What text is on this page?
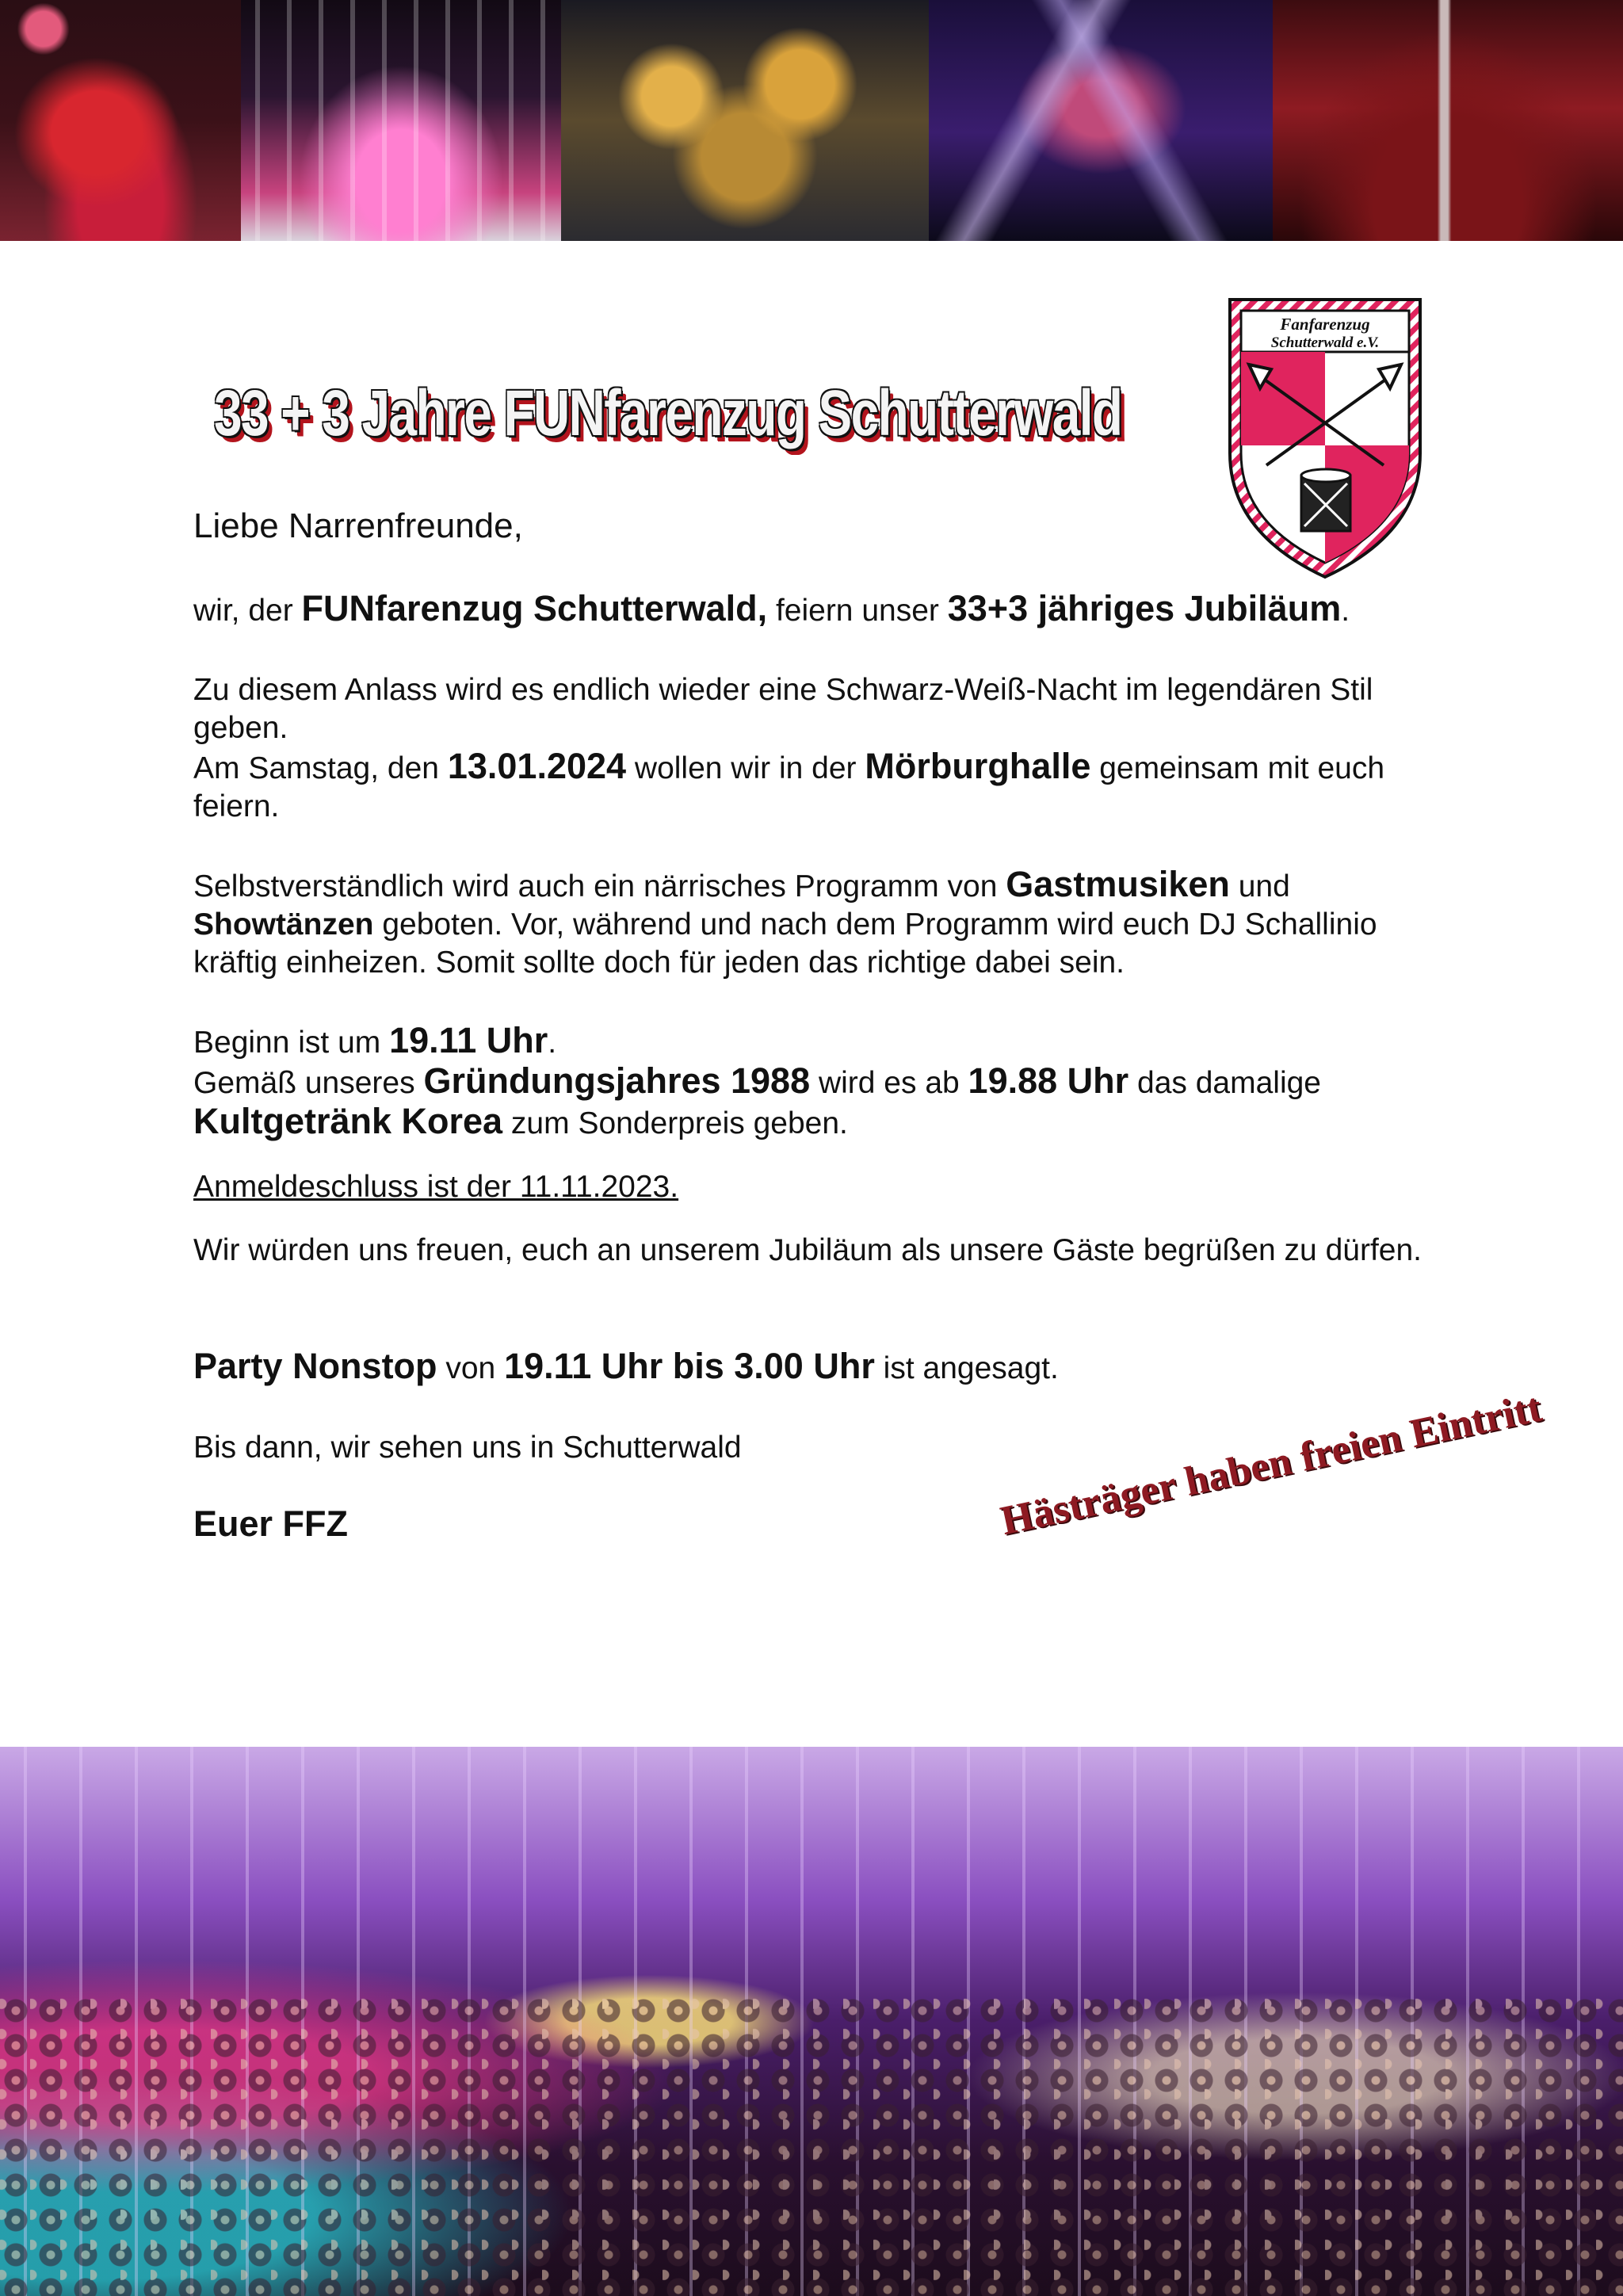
33 + 3 Jahre FUNfarenzug Schutterwald
Fanfarenzug
Schutterwald e.V.

Liebe Narrenfreunde,

wir, der FUNfarenzug Schutterwald, feiern unser 33+3 jähriges Jubiläum.

Zu diesem Anlass wird es endlich wieder eine Schwarz-Weiß-Nacht im legendären Stil geben.

Am Samstag, den 13.01.2024 wollen wir in der Mörburghalle gemeinsam mit euch feiern.

Selbstverständlich wird auch ein närrisches Programm von Gastmusiken und Showtänzen geboten. Vor, während und nach dem Programm wird euch DJ Schallinio kräftig einheizen. Somit sollte doch für jeden das richtige dabei sein.

Beginn ist um 19.11 Uhr.

Gemäß unseres Gründungsjahres 1988 wird es ab 19.88 Uhr das damalige
Kultgetränk Korea zum Sonderpreis geben.

Anmeldeschluss ist der 11.11.2023.

Wir würden uns freuen, euch an unserem Jubiläum als unsere Gäste begrüßen zu dürfen.

Party Nonstop von 19.11 Uhr bis 3.00 Uhr ist angesagt.

Bis dann, wir sehen uns in Schutterwald

Euer FFZ	Hästräger haben freien Eintritt
